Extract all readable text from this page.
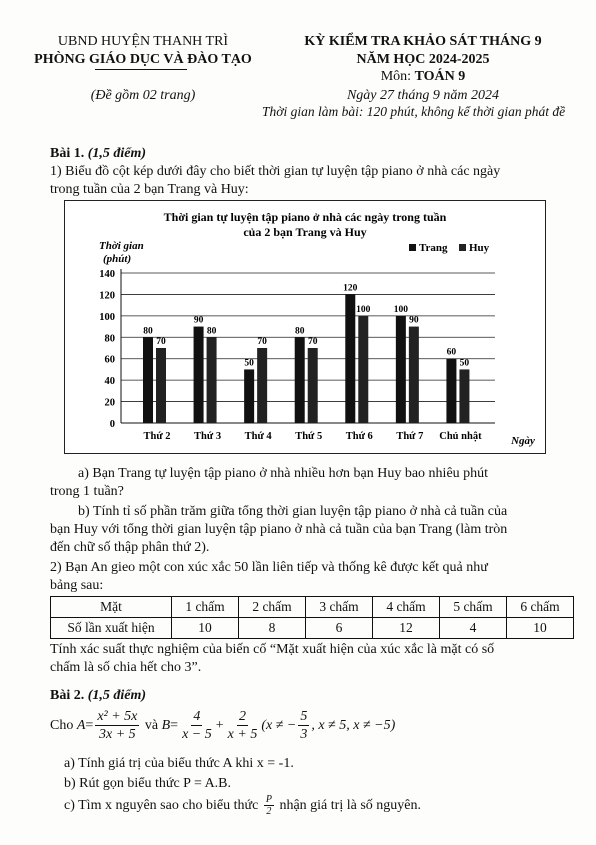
UBND HUYỆN THANH TRÌ
PHÒNG GIÁO DỤC VÀ ĐÀO TẠO
(Đề gồm 02 trang)
KỲ KIỂM TRA KHẢO SÁT THÁNG 9
NĂM HỌC 2024-2025
Môn: TOÁN 9
Ngày 27 tháng 9 năm 2024
Thời gian làm bài: 120 phút, không kể thời gian phát đề
Bài 1. (1,5 điểm)
1) Biểu đồ cột kép dưới đây cho biết thời gian tự luyện tập piano ở nhà các ngày
trong tuần của 2 bạn Trang và Huy:
Thời gian tự luyện tập piano ở nhà các ngày trong tuần
của 2 bạn Trang và Huy
Thời gian
(phút)
Ngày
Trang Huy
0
20
40
60
80
100
120
140
80
70
Thứ 2
90
80
Thứ 3
50
70
Thứ 4
80
70
Thứ 5
120
100
Thứ 6
100
90
Thứ 7
60
50
Chủ nhật
a) Bạn Trang tự luyện tập piano ở nhà nhiều hơn bạn Huy bao nhiêu phút
trong 1 tuần?
b) Tính tỉ số phần trăm giữa tổng thời gian luyện tập piano ở nhà cả tuần của
bạn Huy với tổng thời gian luyện tập piano ở nhà cả tuần của bạn Trang (làm tròn
đến chữ số thập phân thứ 2).
2) Bạn An gieo một con xúc xắc 50 lần liên tiếp và thống kê được kết quả như
bảng sau:
Mặt	1 chấm	2 chấm	3 chấm	4 chấm	5 chấm	6 chấm
Số lần xuất hiện	10	8	6	12	4	10
Tính xác suất thực nghiệm của biến cố “Mặt xuất hiện của xúc xắc là mặt có số
chấm là số chia hết cho 3”.
Bài 2. (1,5 điểm)
Cho
$A = \frac{\text{x² + 5x}}{3x + 5}$
và
$B = \frac{4}{x - 5} + \frac{2}{x + 5} (x$ ≠ − $\frac{5}{3}$ , x ≠ 5, x ≠ −5)
a) Tính giá trị của biểu thức A khi x = -1.
b) Rút gọn biểu thức P = A.B.
c) Tìm x nguyên sao cho biểu thức
$\frac{P}{2}$
nhận giá trị là số nguyên.
